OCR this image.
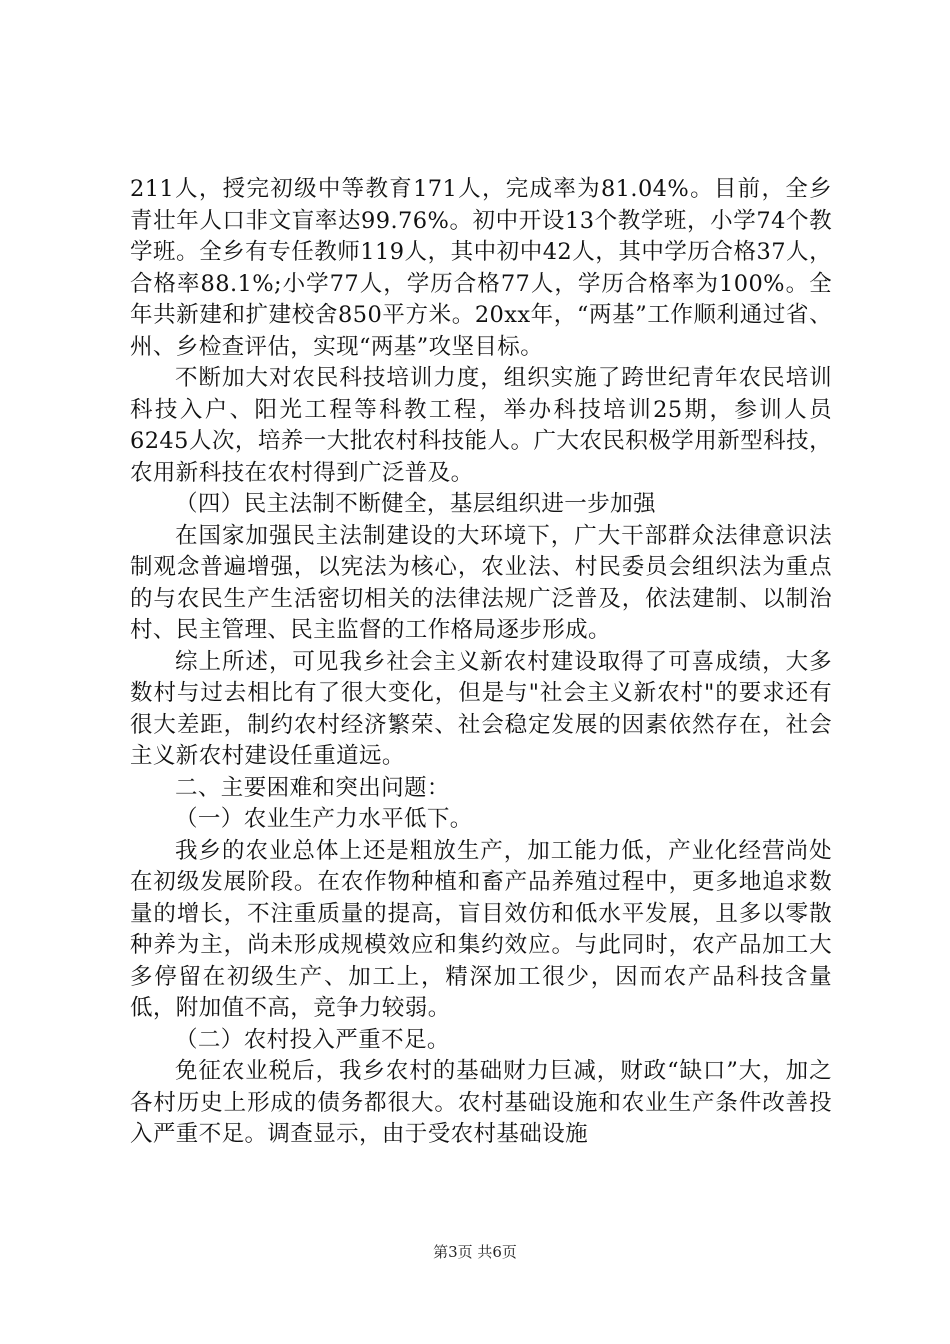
211人，授完初级中等教育171人，完成率为81.04%。目前，全乡青壮年人口非文盲率达99.76%。初中开设13个教学班，小学74个教学班。全乡有专任教师119人，其中初中42人，其中学历合格37人，合格率88.1%;小学77人，学历合格77人，学历合格率为100%。全年共新建和扩建校舍850平方米。20xx年，“两基”工作顺利通过省、州、乡检查评估，实现“两基”攻坚目标。

不断加大对农民科技培训力度，组织实施了跨世纪青年农民培训科技入户、阳光工程等科教工程，举办科技培训25期，参训人员6245人次，培养一大批农村科技能人。广大农民积极学用新型科技，农用新科技在农村得到广泛普及。

（四）民主法制不断健全，基层组织进一步加强

在国家加强民主法制建设的大环境下，广大干部群众法律意识法制观念普遍增强，以宪法为核心，农业法、村民委员会组织法为重点的与农民生产生活密切相关的法律法规广泛普及，依法建制、以制治村、民主管理、民主监督的工作格局逐步形成。

综上所述，可见我乡社会主义新农村建设取得了可喜成绩，大多数村与过去相比有了很大变化，但是与"社会主义新农村"的要求还有很大差距，制约农村经济繁荣、社会稳定发展的因素依然存在，社会主义新农村建设任重道远。

二、主要困难和突出问题：

（一）农业生产力水平低下。

我乡的农业总体上还是粗放生产，加工能力低，产业化经营尚处在初级发展阶段。在农作物种植和畜产品养殖过程中，更多地追求数量的增长，不注重质量的提高，盲目效仿和低水平发展，且多以零散种养为主，尚未形成规模效应和集约效应。与此同时，农产品加工大多停留在初级生产、加工上，精深加工很少，因而农产品科技含量低，附加值不高，竞争力较弱。

（二）农村投入严重不足。

免征农业税后，我乡农村的基础财力巨减，财政“缺口”大，加之各村历史上形成的债务都很大。农村基础设施和农业生产条件改善投入严重不足。调查显示，由于受农村基础设施

第3页 共6页
